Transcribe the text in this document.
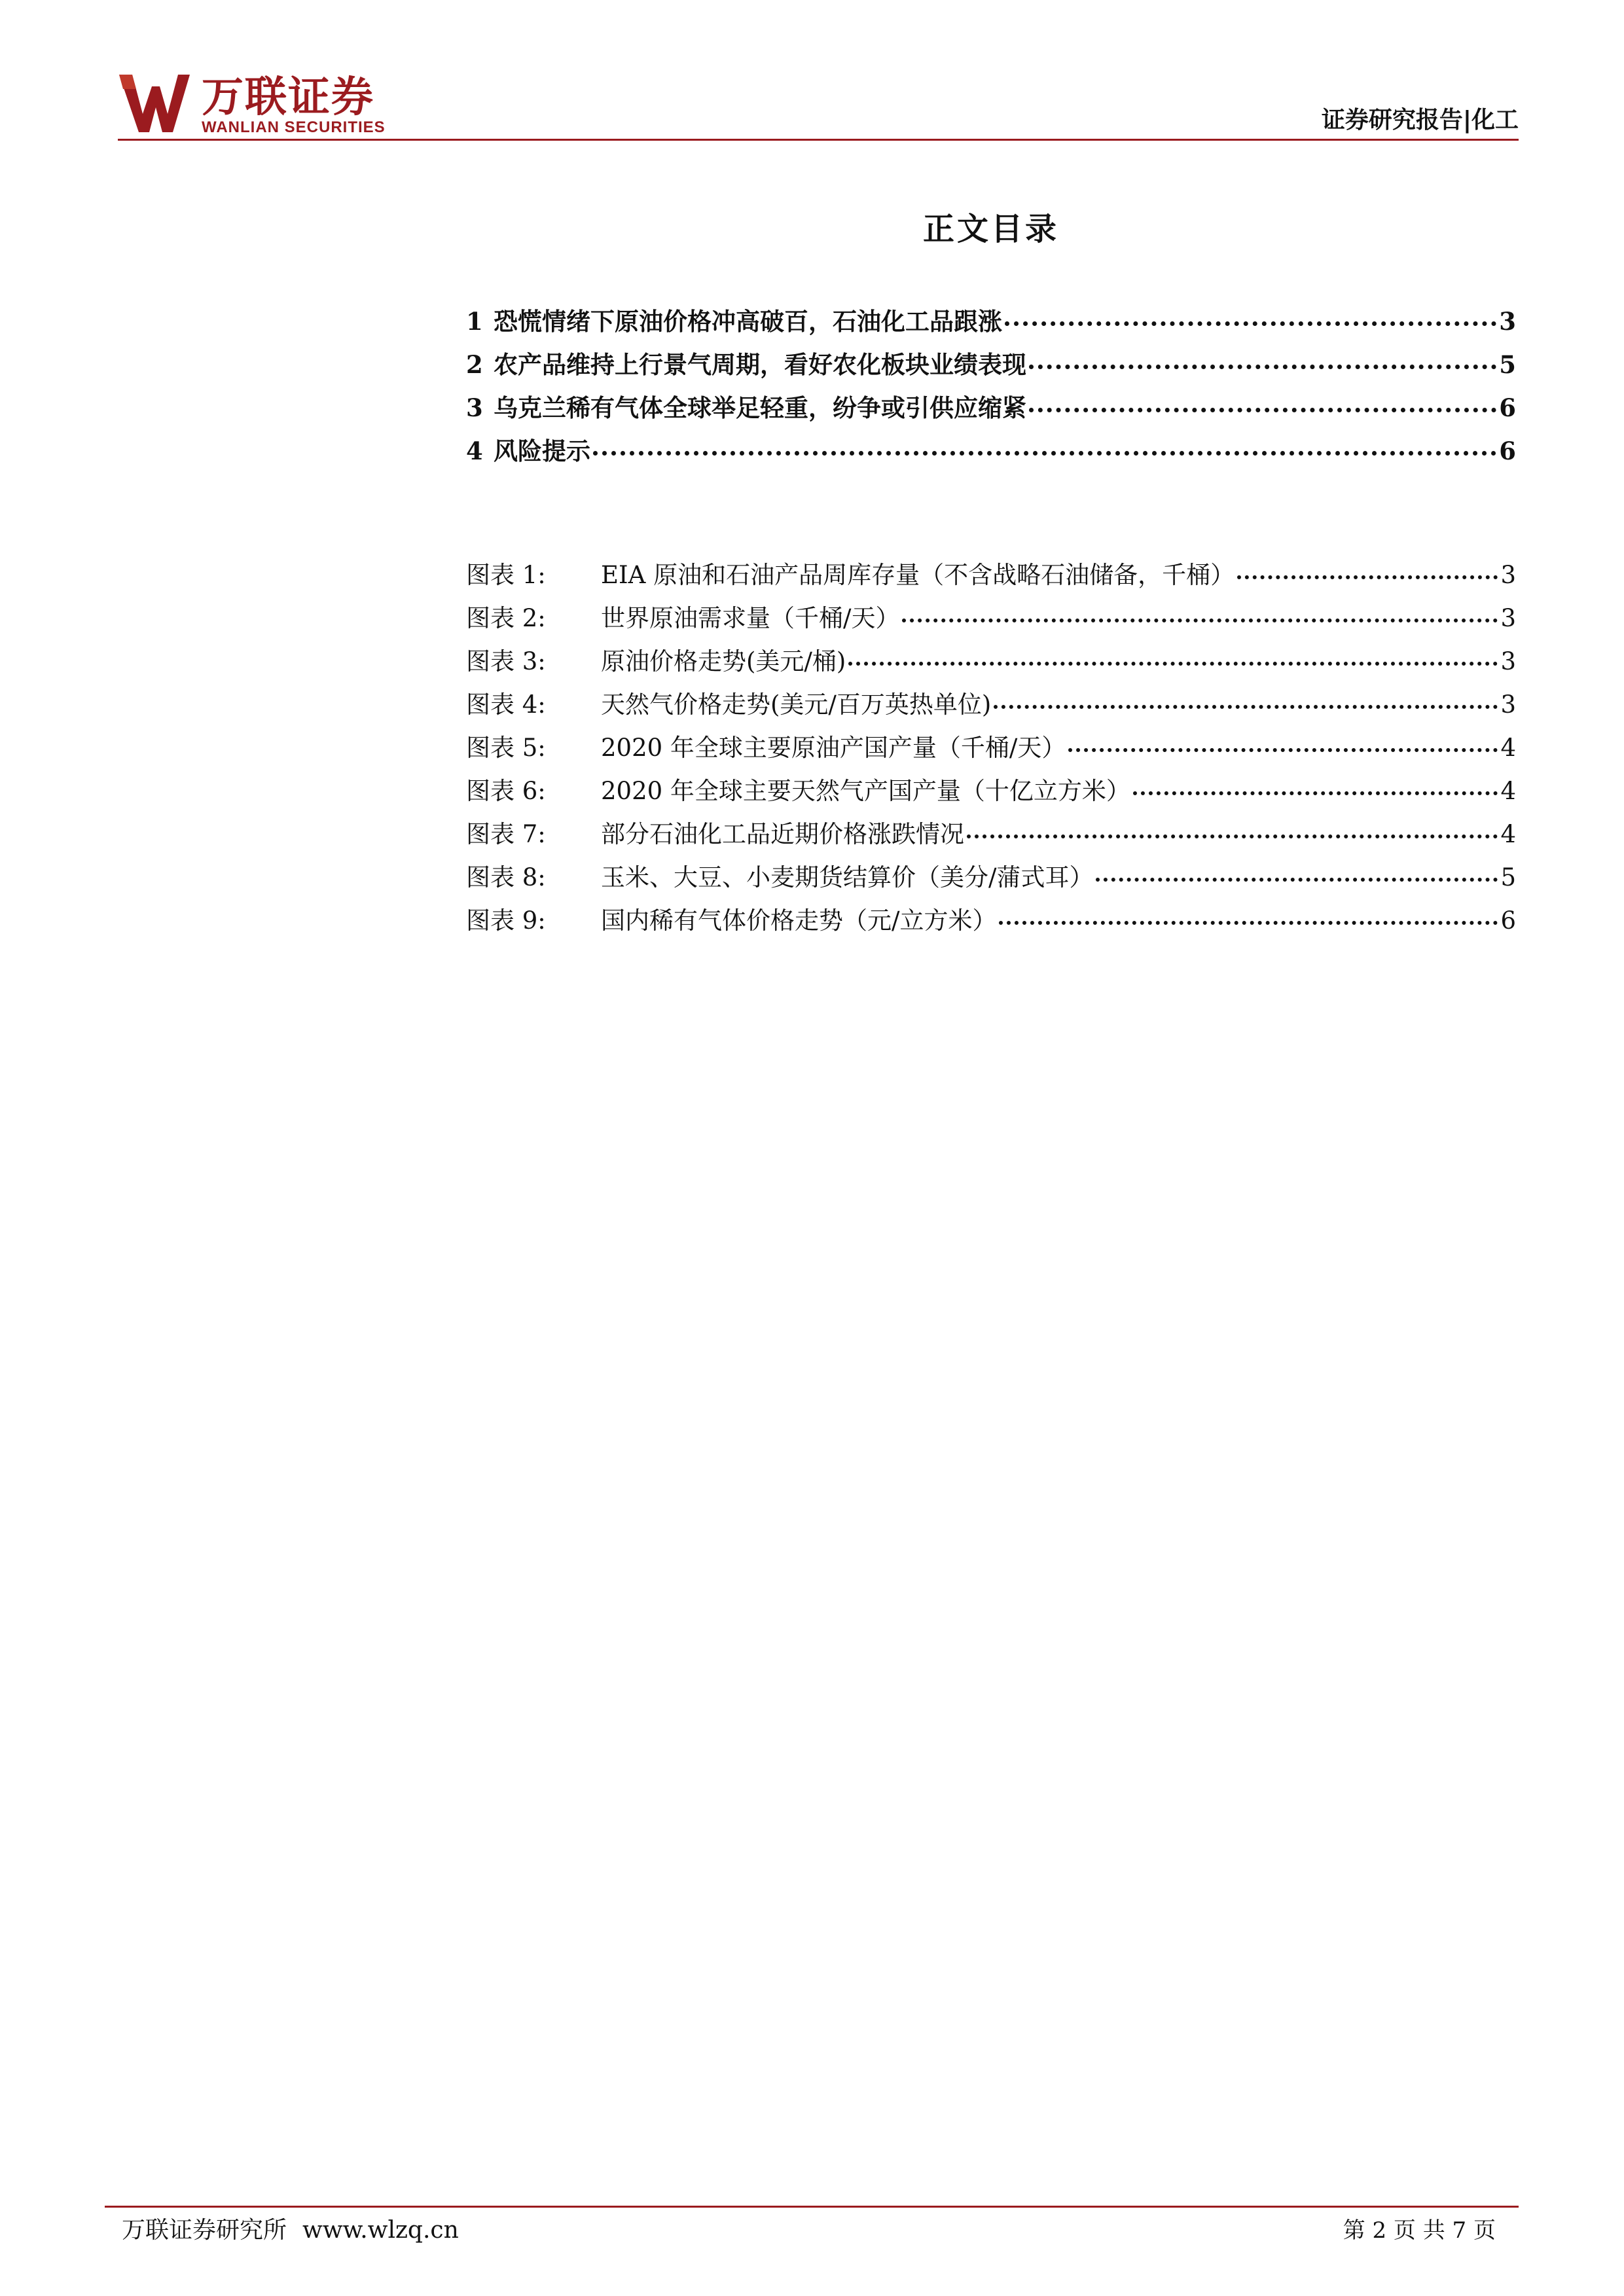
万联证券
WANLIAN SECURITIES	证券研究报告|化工
正文目录
1 恐慌情绪下原油价格冲高破百，石油化工品跟涨	3
2 农产品维持上行景气周期，看好农化板块业绩表现	5
3 乌克兰稀有气体全球举足轻重，纷争或引供应缩紧	6
4 风险提示	6
图表 1:	EIA 原油和石油产品周库存量（不含战略石油储备，千桶）	3
图表 2:	世界原油需求量（千桶/天）	3
图表 3:	原油价格走势(美元/桶)	3
图表 4:	天然气价格走势(美元/百万英热单位)	3
图表 5:	2020 年全球主要原油产国产量（千桶/天）	4
图表 6:	2020 年全球主要天然气产国产量（十亿立方米）	4
图表 7:	部分石油化工品近期价格涨跌情况	4
图表 8:	玉米、大豆、小麦期货结算价（美分/蒲式耳）	5
图表 9:	国内稀有气体价格走势（元/立方米）	6
万联证券研究所 www.wlzq.cn	第 2 页 共 7 页
